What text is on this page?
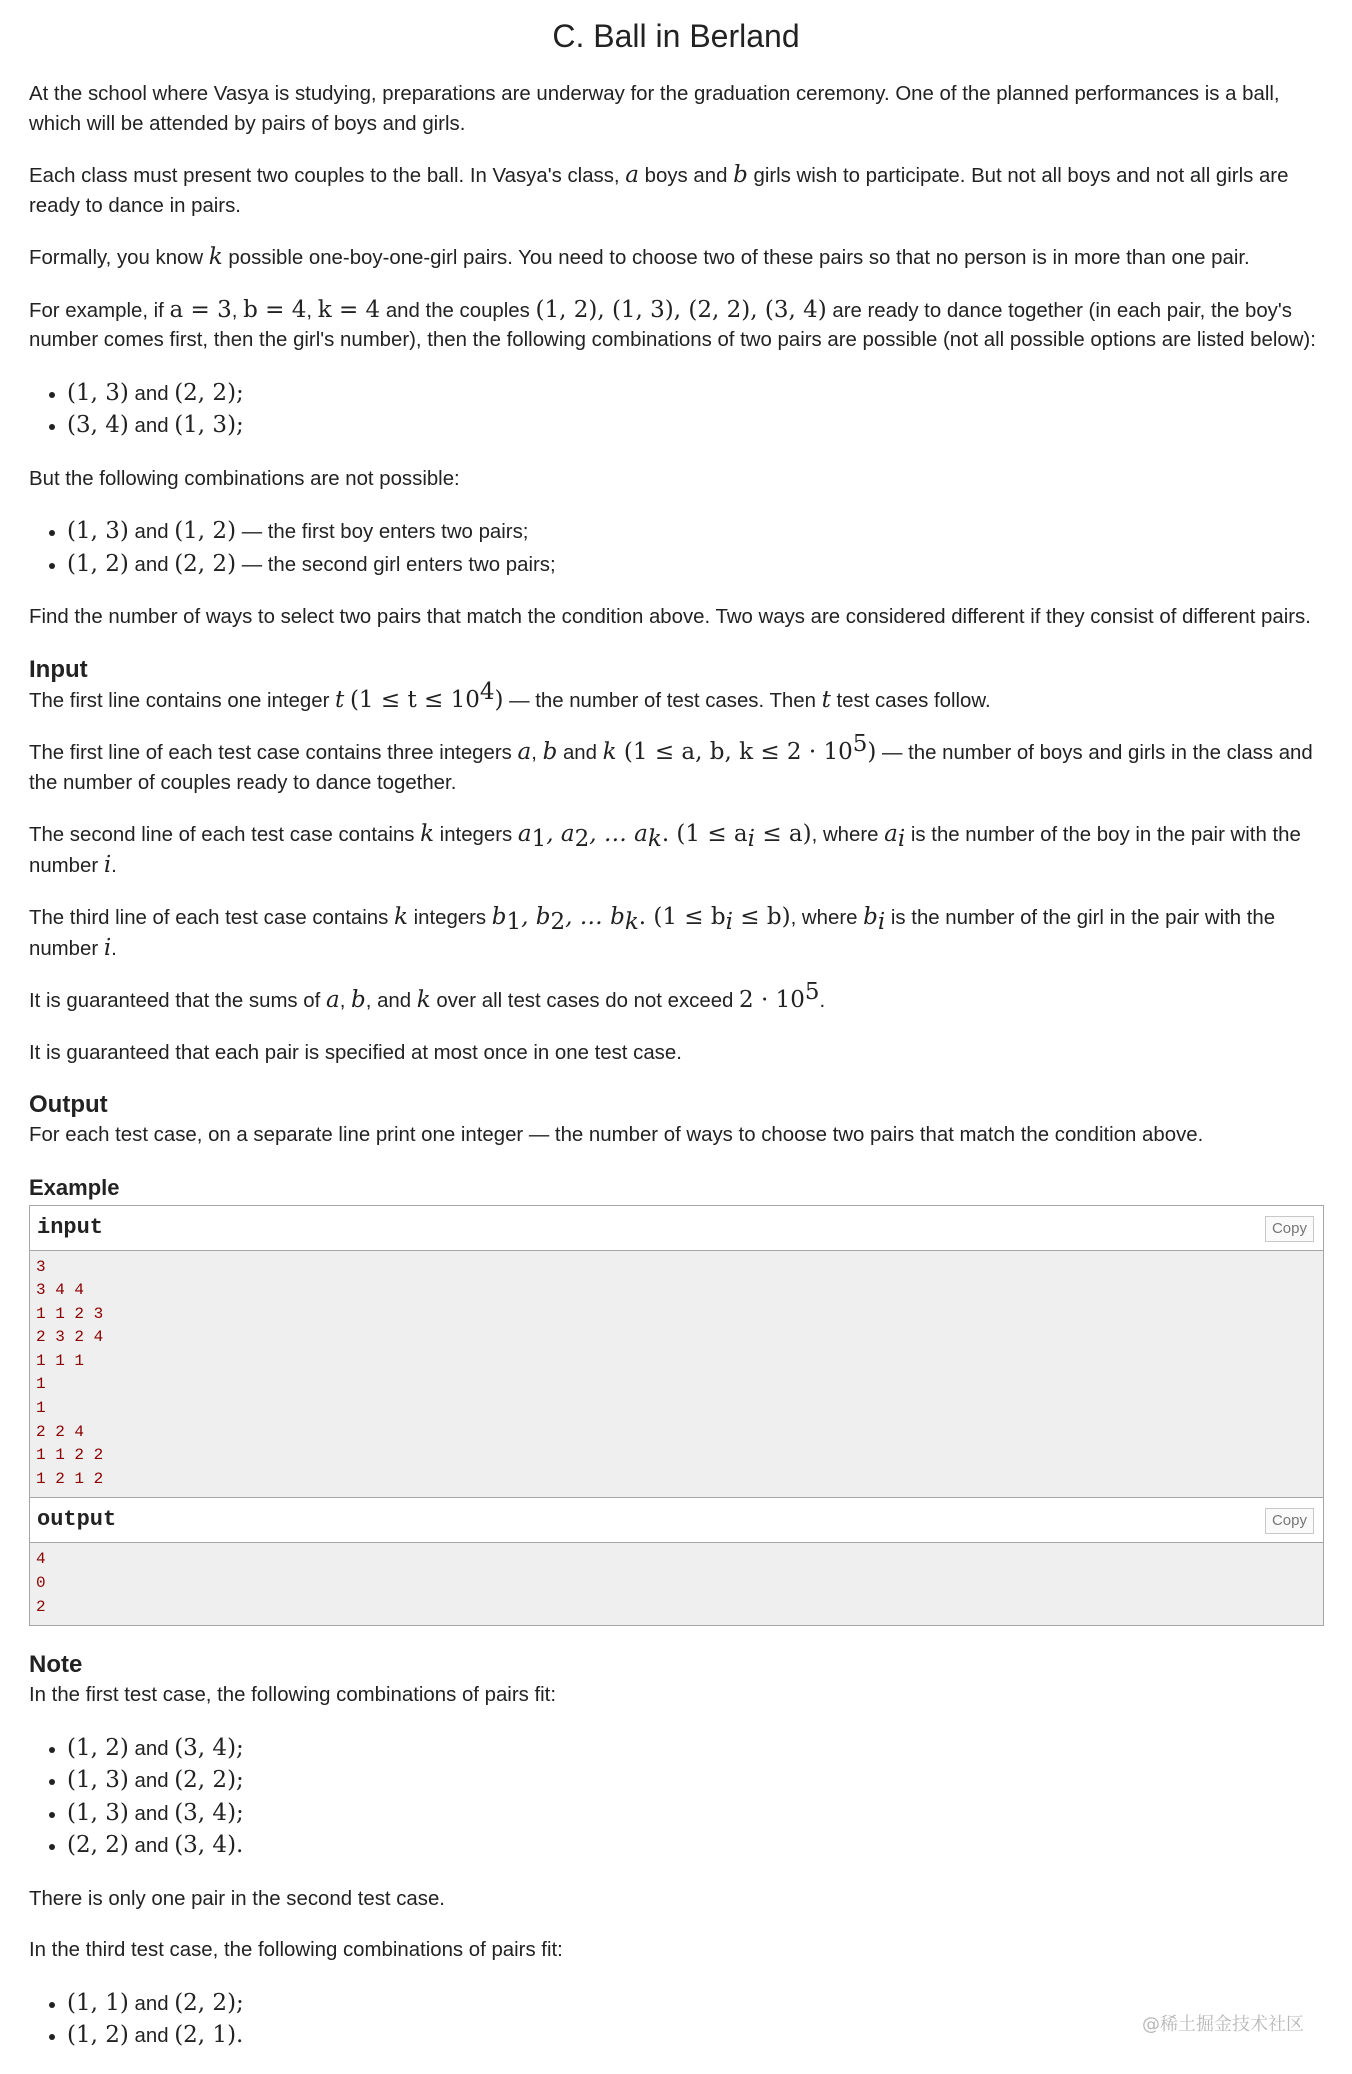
C. Ball in Berland

At the school where Vasya is studying, preparations are underway for the graduation ceremony. One of the planned performances is a ball, which will be attended by pairs of boys and girls.

Each class must present two couples to the ball. In Vasya's class, a boys and b girls wish to participate. But not all boys and not all girls are ready to dance in pairs.

Formally, you know k possible one-boy-one-girl pairs. You need to choose two of these pairs so that no person is in more than one pair.

For example, if a = 3, b = 4, k = 4 and the couples (1, 2), (1, 3), (2, 2), (3, 4) are ready to dance together (in each pair, the boy's number comes first, then the girl's number), then the following combinations of two pairs are possible (not all possible options are listed below):

• (1, 3) and (2, 2);
• (3, 4) and (1, 3);

But the following combinations are not possible:

• (1, 3) and (1, 2) — the first boy enters two pairs;
• (1, 2) and (2, 2) — the second girl enters two pairs;

Find the number of ways to select two pairs that match the condition above. Two ways are considered different if they consist of different pairs.

Input

The first line contains one integer t $(1 \le t \le 10^4)$ — the number of test cases. Then t test cases follow.

The first line of each test case contains three integers a, b and k (1 ≤ a, b, $k \le 2 \cdot 10^5$) — the number of boys and girls in the class and the number of couples ready to dance together.

The second line of each test case contains k integers $a_1$, $a_2$, … $a_k$. $(1 \le a_i \le a)$, where $a_i$ is the number of the boy in the pair with the number i.

The third line of each test case contains k integers $b_1$, $b_2$, … $b_k$. $(1 \le b_i \le b)$, where $b_i$ is the number of the girl in the pair with the number i.

It is guaranteed that the sums of a, b, and k over all test cases do not exceed $2 \cdot 10^5$.

It is guaranteed that each pair is specified at most once in one test case.

Output

For each test case, on a separate line print one integer — the number of ways to choose two pairs that match the condition above.

Example
input	Copy
3
3 4 4
1 1 2 3
2 3 2 4
1 1 1
1
1
2 2 4
1 1 2 2
1 2 1 2
output	Copy
4
0
2
Note

In the first test case, the following combinations of pairs fit:

• (1, 2) and (3, 4);
• (1, 3) and (2, 2);
• (1, 3) and (3, 4);
• (2, 2) and (3, 4).

There is only one pair in the second test case.

In the third test case, the following combinations of pairs fit:

• (1, 1) and (2, 2);
• (1, 2) and (2, 1).	@稀土掘金技术社区
